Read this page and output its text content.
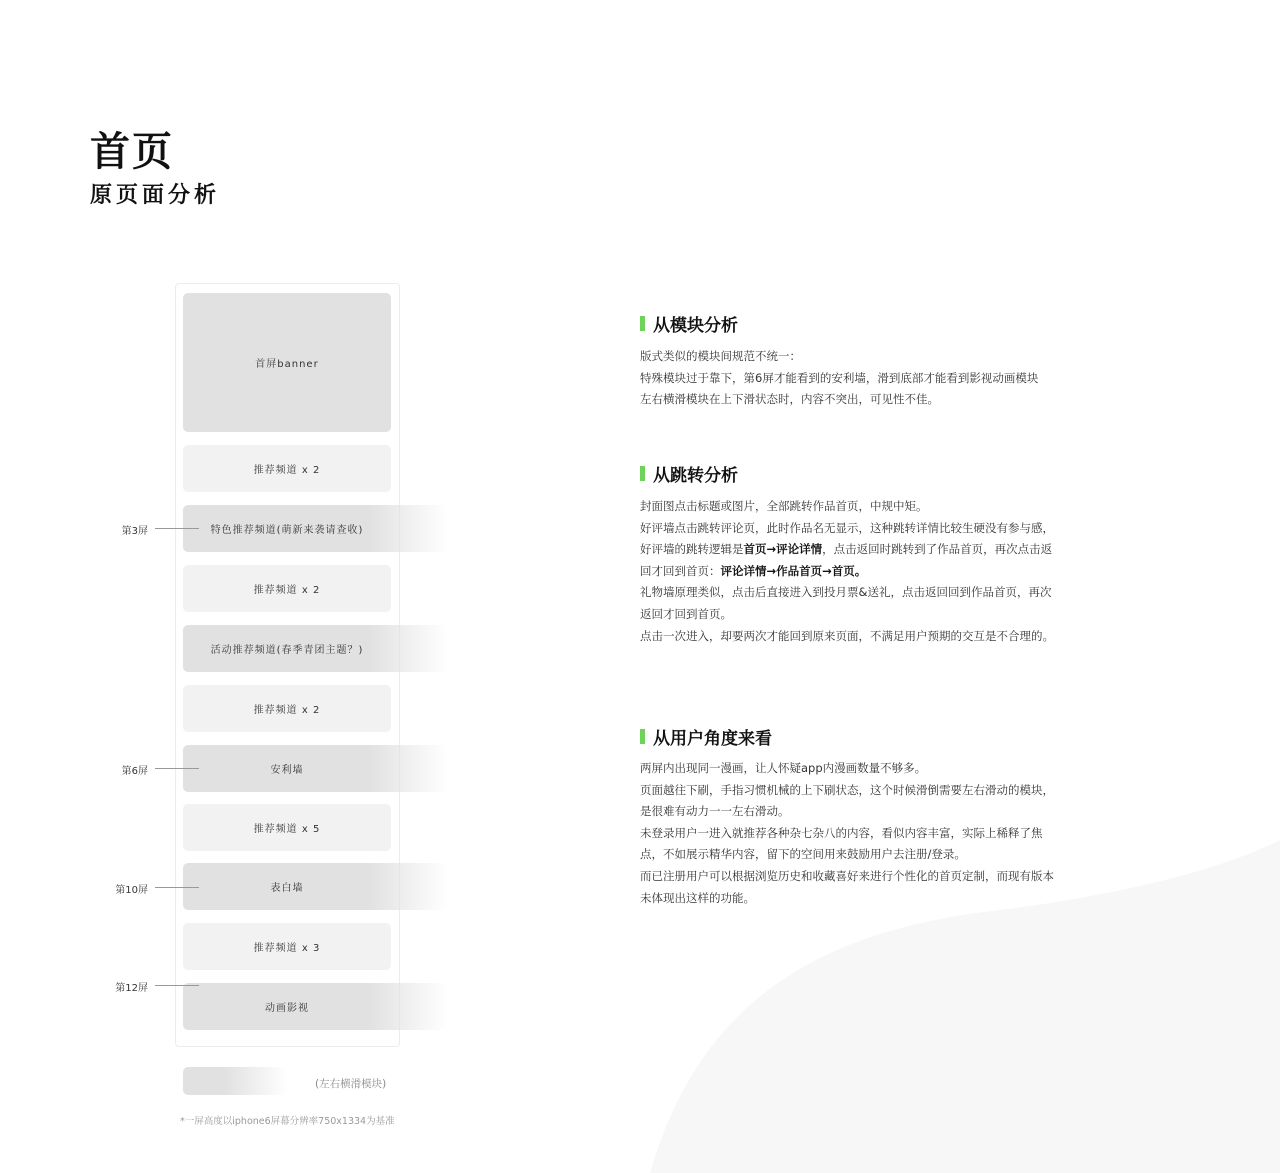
首页
原页面分析
首屏banner
推荐频道 x 2
特色推荐频道(萌新来袭请查收)
推荐频道 x 2
活动推荐频道(春季青团主题？)
推荐频道 x 2
安利墙
推荐频道 x 5
表白墙
推荐频道 x 3
动画影视
第3屏
第6屏
第10屏
第12屏
(左右横滑模块)
*一屏高度以iphone6屏幕分辨率750x1334为基准
从模块分析
版式类似的模块间规范不统一：
特殊模块过于靠下，第6屏才能看到的安利墙，滑到底部才能看到影视动画模块
左右横滑模块在上下滑状态时，内容不突出，可见性不佳。
从跳转分析
封面图点击标题或图片，全部跳转作品首页，中规中矩。
好评墙点击跳转评论页，此时作品名无显示，这种跳转详情比较生硬没有参与感，
好评墙的跳转逻辑是首页→评论详情，点击返回时跳转到了作品首页，再次点击返
回才回到首页：评论详情→作品首页→首页。
礼物墙原理类似，点击后直接进入到投月票&送礼，点击返回回到作品首页，再次
返回才回到首页。
点击一次进入，却要两次才能回到原来页面，不满足用户预期的交互是不合理的。
从用户角度来看
两屏内出现同一漫画，让人怀疑app内漫画数量不够多。
页面越往下刷，手指习惯机械的上下刷状态，这个时候滑倒需要左右滑动的模块，
是很难有动力一一左右滑动。
未登录用户一进入就推荐各种杂七杂八的内容，看似内容丰富，实际上稀释了焦
点，不如展示精华内容，留下的空间用来鼓励用户去注册/登录。
而已注册用户可以根据浏览历史和收藏喜好来进行个性化的首页定制，而现有版本
未体现出这样的功能。
